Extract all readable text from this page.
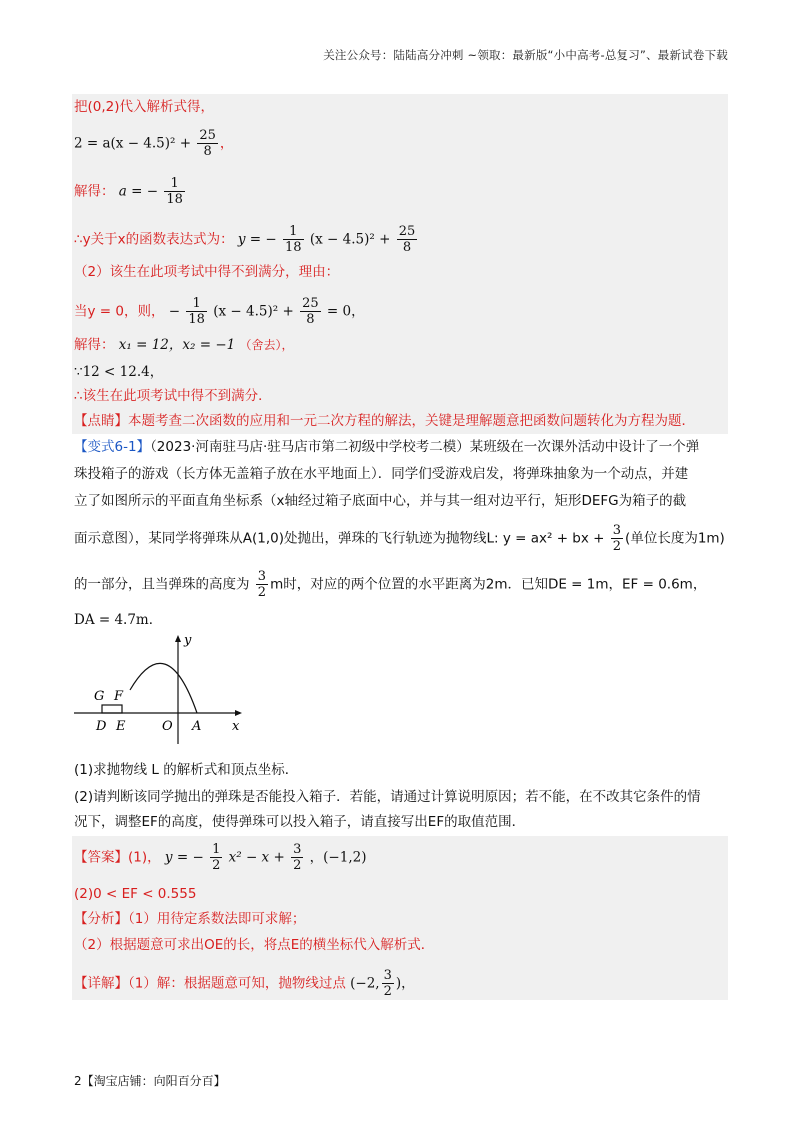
关注公众号：陆陆高分冲刺 ~领取：最新版“小中高考-总复习”、最新试卷下载
把(0,2)代入解析式得，
$2 = a(x - 4.5)^2 + \frac{25}{8}$ ，
解得： a = − $\frac{1}{18}$
∴y关于x的函数表达式为： y = − $\frac{1}{18} (x - 4.5)^2 + \frac{25}{8}$
（2）该生在此项考试中得不到满分，理由：
当y = 0，则， − $\frac{1}{18} (x - 4.5)^2 + \frac{25}{8} = 0$，
解得： x₁ = 12，x₂ = −1 （舍去），
∵12 < 12.4，
∴该生在此项考试中得不到满分．
【点睛】本题考查二次函数的应用和一元二次方程的解法，关键是理解题意把函数问题转化为方程为题．
【变式6-1】（2023·河南驻马店·驻马店市第二初级中学校考二模）某班级在一次课外活动中设计了一个弹
珠投箱子的游戏（长方体无盖箱子放在水平地面上）．同学们受游戏启发，将弹珠抽象为一个动点，并建
立了如图所示的平面直角坐标系（x轴经过箱子底面中心，并与其一组对边平行，矩形DEFG为箱子的截
面示意图），某同学将弹珠从A(1,0)处抛出，弹珠的飞行轨迹为抛物线L: y = ax² + bx + $\frac{3}{2}$ (单位长度为1m)
的一部分，且当弹珠的高度为 $\frac{3}{2}$ m时，对应的两个位置的水平距离为2m．已知DE = 1m，EF = 0.6m，
DA = 4.7m．
y
x
O A
D E
G F
(1)求抛物线 L 的解析式和顶点坐标．
(2)请判断该同学抛出的弹珠是否能投入箱子．若能，请通过计算说明原因；若不能，在不改其它条件的情
况下，调整EF的高度，使得弹珠可以投入箱子，请直接写出EF的取值范围．
【答案】(1)， y = − $\frac{1}{2} x^2 - x + \frac{3}{2}$ ，(−1,2)
(2)0 < EF < 0.555
【分析】（1）用待定系数法即可求解；
（2）根据题意可求出OE的长，将点E的横坐标代入解析式．
【详解】（1）解：根据题意可知，抛物线过点 (−2, $\frac{3}{2}$ )，
2【淘宝店铺：向阳百分百】
